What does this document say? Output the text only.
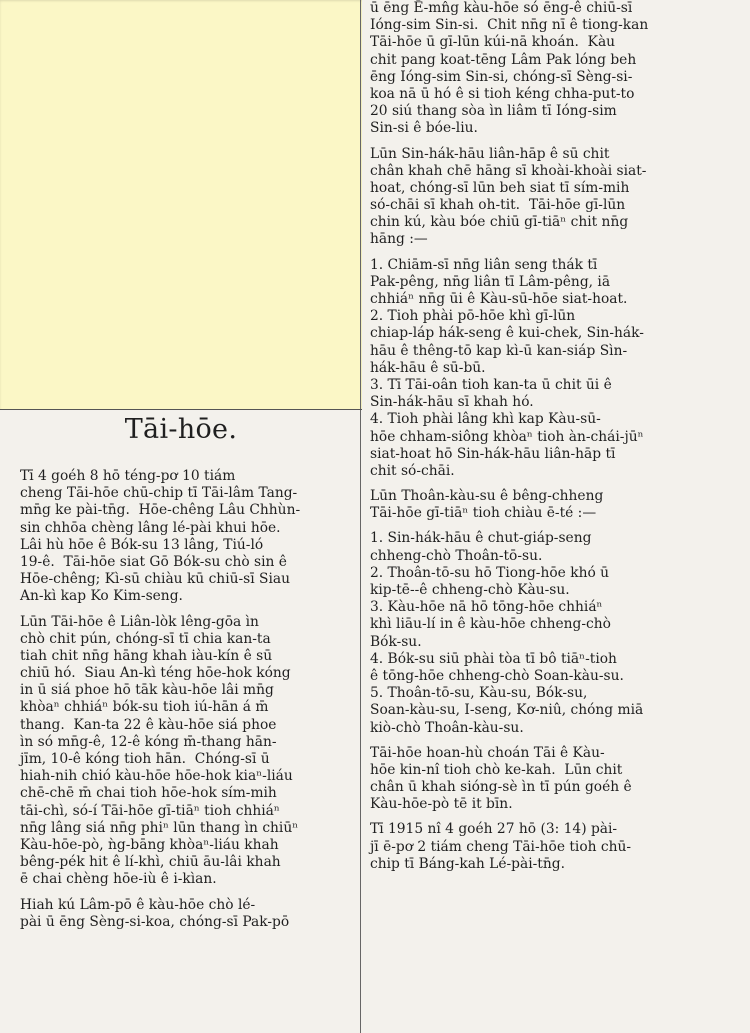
Tāi-hōe.
Tī 4 goéh 8 hō téng-pơ 10 tiám
cheng Tāi-hōe chū-chip tī Tāi-lâm Tang-
mn̄g ke pài-tn̄g.  Hōe-chêng Lâu Chhùn-
sin chhōa chèng lâng lé-pài khui hōe.
Lâi hù hōe ê Bók-su 13 lâng, Tiú-ló
19-ê.  Tāi-hōe siat Gō Bók-su chò sin ê
Hōe-chêng; Kì-sū chiàu kū chiū-sī Siau
An-kì kap Ko Kim-seng.
Lūn Tāi-hōe ê Liân-lòk lêng-gōa ìn
chò chit pún, chóng-sī tī chia kan-ta
tiah chit nn̄g hāng khah iàu-kín ê sū
chiū hó.  Siau An-kì téng hōe-hok kóng
in ū siá phoe hō tāk kàu-hōe lâi mn̄g
khòaⁿ chhiáⁿ bók-su tioh iú-hān á m̄
thang.  Kan-ta 22 ê kàu-hōe siá phoe
ìn só mn̄g-ê, 12-ê kóng m̄-thang hān-
jīm, 10-ê kóng tioh hān.  Chóng-sī ū
hiah-nih chió kàu-hōe hōe-hok kiaⁿ-liáu
chē-chē m̄ chai tioh hōe-hok sím-mih
tāi-chì, só-í Tāi-hōe gī-tiāⁿ tioh chhiáⁿ
nn̄g lâng siá nn̄g phiⁿ lūn thang ìn chiūⁿ
Kàu-hōe-pò, ǹg-bāng khòaⁿ-liáu khah
bêng-pék hit ê lí-khì, chiū āu-lâi khah
ē chai chèng hōe-iù ê i-kìan.
Hiah kú Lâm-pō ê kàu-hōe chò lé-
pài ū ēng Sèng-si-koa, chóng-sī Pak-pō
ū ēng Ē-mn̂g kàu-hōe só ēng-ê chiū-sī
Ióng-sim Sin-si.  Chit nn̄g nī ê tiong-kan
Tāi-hōe ū gī-lūn kúi-nā khoán.  Kàu
chit pang koat-tēng Lâm Pak lóng beh
ēng Ióng-sim Sin-si, chóng-sī Sèng-si-
koa nā ū hó ê si tioh kéng chha-put-to
20 siú thang sòa ìn liâm tī Ióng-sim
Sin-si ê bóe-liu.
Lūn Sin-hák-hāu liân-hāp ê sū chit
chân khah chē hāng sī khoài-khoài siat-
hoat, chóng-sī lūn beh siat tī sím-mih
só-chāi sī khah oh-tit.  Tāi-hōe gī-lūn
chin kú, kàu bóe chiū gī-tiāⁿ chit nn̄g
hāng :—
1. Chiām-sī nn̄g liân seng thák tī
Pak-pêng, nn̄g liân tī Lâm-pêng, iā
chhiáⁿ nn̄g ūi ê Kàu-sū-hōe siat-hoat.
2. Tioh phài pō-hōe khì gī-lūn
chiap-láp hák-seng ê kui-chek, Sin-hák-
hāu ê thêng-tō kap kì-ū kan-siáp Sìn-
hák-hāu ê sū-bū.
3. Tī Tāi-oân tioh kan-ta ū chit ūi ê
Sin-hák-hāu sī khah hó.
4. Tioh phài lâng khì kap Kàu-sū-
hōe chham-siông khòaⁿ tioh àn-chái-jūⁿ
siat-hoat hō Sin-hák-hāu liân-hāp tī
chit só-chāi.
Lūn Thoân-kàu-su ê bêng-chheng
Tāi-hōe gī-tiāⁿ tioh chiàu ē-té :—
1. Sin-hák-hāu ê chut-giáp-seng
chheng-chò Thoân-tō-su.
2. Thoân-tō-su hō Tiong-hōe khó ū
kip-tē--ê chheng-chò Kàu-su.
3. Kàu-hōe nā hō tōng-hōe chhiáⁿ
khì liāu-lí in ê kàu-hōe chheng-chò
Bók-su.
4. Bók-su siū phài tòa tī bô tiāⁿ-tioh
ê tōng-hōe chheng-chò Soan-kàu-su.
5. Thoân-tō-su, Kàu-su, Bók-su,
Soan-kàu-su, I-seng, Kơ-niû, chóng miā
kiò-chò Thoân-kàu-su.
Tāi-hōe hoan-hù choán Tāi ê Kàu-
hōe kin-nî tioh chò ke-kah.  Lūn chit
chân ū khah sióng-sè ìn tī pún goéh ê
Kàu-hōe-pò tē it bīn.
Tī 1915 nî 4 goéh 27 hō (3: 14) pài-
jī ē-pơ 2 tiám cheng Tāi-hōe tioh chū-
chip tī Báng-kah Lé-pài-tn̄g.
